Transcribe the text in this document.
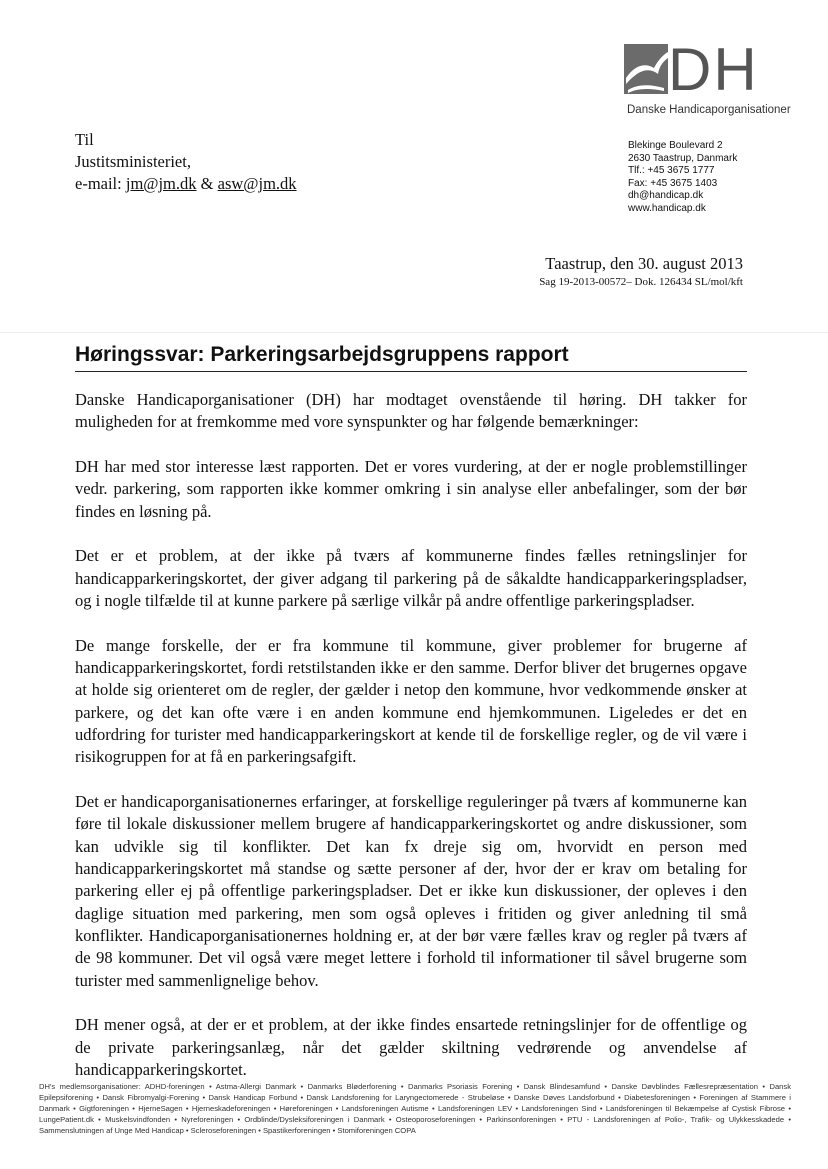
DH
Danske Handicaporganisationer
Til
Justitsministeriet,
e-mail: jm@jm.dk & asw@jm.dk
Blekinge Boulevard 2
2630 Taastrup, Danmark
Tlf.: +45 3675 1777
Fax: +45 3675 1403
dh@handicap.dk
www.handicap.dk
Taastrup, den 30. august 2013
Sag 19-2013-00572– Dok. 126434 SL/mol/kft
Høringssvar: Parkeringsarbejdsgruppens rapport

Danske Handicaporganisationer (DH) har modtaget ovenstående til høring. DH takker for muligheden for at fremkomme med vore synspunkter og har følgende bemærkninger:

DH har med stor interesse læst rapporten. Det er vores vurdering, at der er nogle problemstillinger vedr. parkering, som rapporten ikke kommer omkring i sin analyse eller anbefalinger, som der bør findes en løsning på.

Det er et problem, at der ikke på tværs af kommunerne findes fælles retningslinjer for handicapparkeringskortet, der giver adgang til parkering på de såkaldte handicapparkeringspladser, og i nogle tilfælde til at kunne parkere på særlige vilkår på andre offentlige parkeringspladser.

De mange forskelle, der er fra kommune til kommune, giver problemer for brugerne af handicapparkeringskortet, fordi retstilstanden ikke er den samme. Derfor bliver det brugernes opgave at holde sig orienteret om de regler, der gælder i netop den kommune, hvor vedkommende ønsker at parkere, og det kan ofte være i en anden kommune end hjemkommunen. Ligeledes er det en udfordring for turister med handicapparkeringskort at kende til de forskellige regler, og de vil være i risikogruppen for at få en parkeringsafgift.

Det er handicaporganisationernes erfaringer, at forskellige reguleringer på tværs af kommunerne kan føre til lokale diskussioner mellem brugere af handicapparkeringskortet og andre diskussioner, som kan udvikle sig til konflikter. Det kan fx dreje sig om, hvorvidt en person med handicapparkeringskortet må standse og sætte personer af der, hvor der er krav om betaling for parkering eller ej på offentlige parkeringspladser. Det er ikke kun diskussioner, der opleves i den daglige situation med parkering, men som også opleves i fritiden og giver anledning til små konflikter. Handicaporganisationernes holdning er, at der bør være fælles krav og regler på tværs af de 98 kommuner. Det vil også være meget lettere i forhold til informationer til såvel brugerne som turister med sammenlignelige behov.

DH mener også, at der er et problem, at der ikke findes ensartede retningslinjer for de offentlige og de private parkeringsanlæg, når det gælder skiltning vedrørende og anvendelse af handicapparkeringskortet.

DH's medlemsorganisationer: ADHD-foreningen • Astma-Allergi Danmark • Danmarks Bløderforening • Danmarks Psoriasis Forening • Dansk Blindesamfund • Danske Døvblindes Fællesrepræsentation • Dansk Epilepsiforening • Dansk Fibromyalgi-Forening • Dansk Handicap Forbund • Dansk Landsforening for Laryngectomerede - Strubeløse • Danske Døves Landsforbund • Diabetesforeningen • Foreningen af Stammere i Danmark • Gigtforeningen • HjerneSagen • Hjerneskadeforeningen • Høreforeningen • Landsforeningen Autisme • Landsforeningen LEV • Landsforeningen Sind • Landsforeningen til Bekæmpelse af Cystisk Fibrose • LungePatient.dk • Muskelsvindfonden • Nyreforeningen • Ordblinde/Dysleksiforeningen i Danmark • Osteoporoseforeningen • Parkinsonforeningen • PTU - Landsforeningen af Polio-, Trafik- og Ulykkesskadede • Sammenslutningen af Unge Med Handicap • Scleroseforeningen • Spastikerforeningen • Stomiforeningen COPA
